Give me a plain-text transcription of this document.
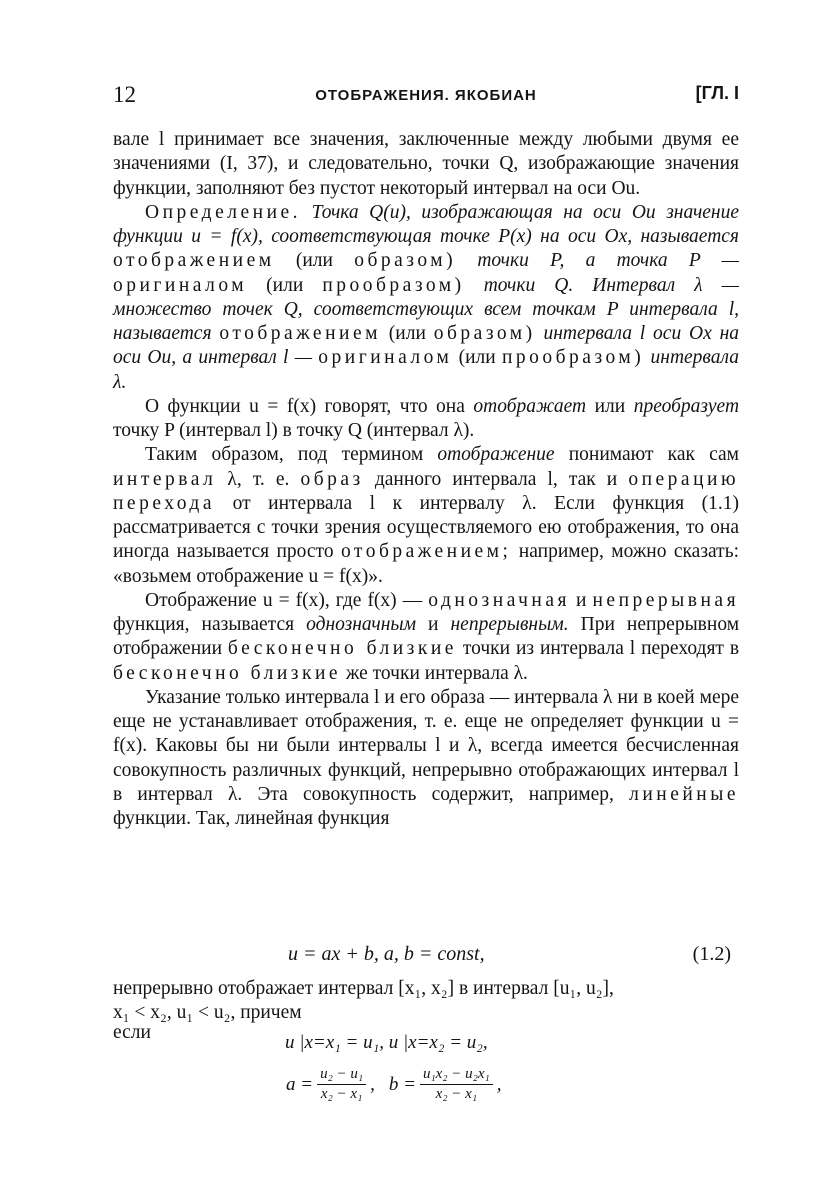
12	ОТОБРАЖЕНИЯ. ЯКОБИАН	[ГЛ. I

вале l принимает все значения, заключенные между любыми двумя ее значениями (I, 37), и следовательно, точки Q, изображающие значения функции, заполняют без пустот некоторый интервал на оси Ou.

Определение. Точка Q(u), изображающая на оси Ou значение функции u = f(x), соответствующая точке P(x) на оси Ox, называется отображением (или образом) точки P, а точка P — оригиналом (или прообразом) точки Q. Интервал λ — множество точек Q, соответствующих всем точкам P интервала l, называется отображением (или образом) интервала l оси Ox на оси Ou, а интервал l — оригиналом (или прообразом) интервала λ.

О функции u = f(x) говорят, что она отображает или преобразует точку P (интервал l) в точку Q (интервал λ).

Таким образом, под термином отображение понимают как сам интервал λ, т. е. образ данного интервала l, так и операцию перехода от интервала l к интервалу λ. Если функция (1.1) рассматривается с точки зрения осуществляемого ею отображения, то она иногда называется просто отображением; например, можно сказать: «возьмем отображение u = f(x)».

Отображение u = f(x), где f(x) — однозначная и непрерывная функция, называется однозначным и непрерывным. При непрерывном отображении бесконечно близкие точки из интервала l переходят в бесконечно близкие же точки интервала λ.

Указание только интервала l и его образа — интервала λ ни в коей мере еще не устанавливает отображения, т. е. еще не определяет функции u = f(x). Каковы бы ни были интервалы l и λ, всегда имеется бесчисленная совокупность различных функций, непрерывно отображающих интервал l в интервал λ. Эта совокупность содержит, например, линейные функции. Так, линейная функция

u = ax + b, a, b = const,	(1.2)
непрерывно отображает интервал [x₁, x₂] в интервал [u₁, u₂],
x₁ < x₂, u₁ < u₂, причем
если	u |x=x₁ = u₁, u |x=x₂ = u₂,
$a = \frac{\text{u₂ − u₁}}{\text{x₂ − x₁}}$ , $b = \frac{\text{u₁x₂ − u₂x₁}}{\text{x₂ − x₁}}$ ,
